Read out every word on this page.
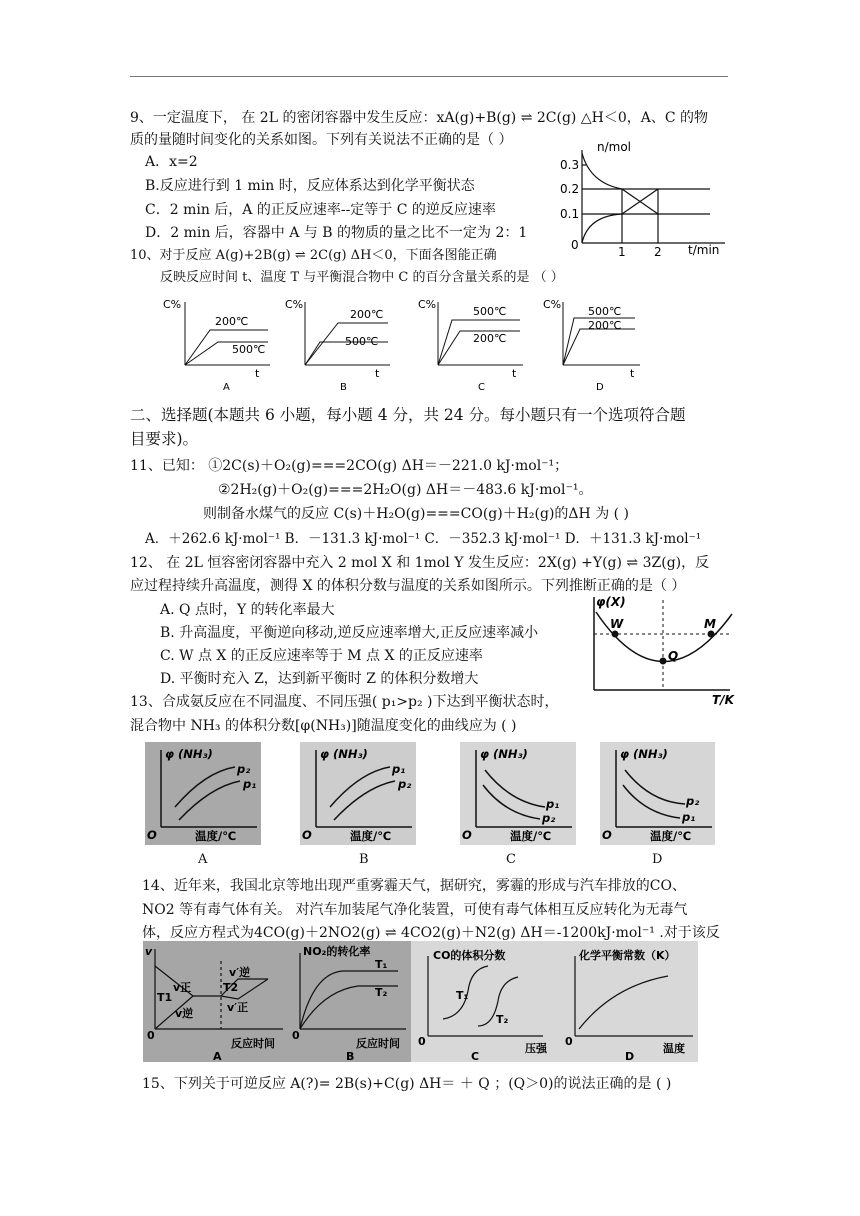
9、一定温度下， 在 2L 的密闭容器中发生反应：xA(g)+B(g) ⇌ 2C(g) △H＜0，A、C 的物
质的量随时间变化的关系如图。下列有关说法不正确的是（ ）
A．x=2
B.反应进行到 1 min 时，反应体系达到化学平衡状态
C．2 min 后，A 的正反应速率--定等于 C 的逆反应速率
D．2 min 后，容器中 A 与 B 的物质的量之比不一定为 2：1
n/mol
0.3
0.2
0.1
0	1 2 t/min
10、对于反应 A(g)+2B(g) ⇌ 2C(g) ΔH＜0，下面各图能正确
反映反应时间 t、温度 T 与平衡混合物中 C 的百分含量关系的是 （ ）
C%
200℃
500℃
t
A
C%
200℃
500℃
t
B
C%
500℃
200℃
t
C
C%
500℃
200℃
t
D
二、选择题(本题共 6 小题，每小题 4 分，共 24 分。每小题只有一个选项符合题
目要求)。
11、已知： ①2C(s)＋O₂(g)===2CO(g) ΔH＝－221.0 kJ·mol⁻¹；
②2H₂(g)＋O₂(g)===2H₂O(g) ΔH＝－483.6 kJ·mol⁻¹。
则制备水煤气的反应 C(s)＋H₂O(g)===CO(g)＋H₂(g)的ΔH 为 ( )
A．＋262.6 kJ·mol⁻¹ B．－131.3 kJ·mol⁻¹ C．－352.3 kJ·mol⁻¹ D．＋131.3 kJ·mol⁻¹
12、 在 2L 恒容密闭容器中充入 2 mol X 和 1mol Y 发生反应：2X(g) +Y(g) ⇌ 3Z(g)，反
应过程持续升高温度，测得 X 的体积分数与温度的关系如图所示。下列推断正确的是（ ）
A. Q 点时，Y 的转化率最大
B. 升高温度，平衡逆向移动,逆反应速率增大,正反应速率减小
C. W 点 X 的正反应速率等于 M 点 X 的正反应速率
D. 平衡时充入 Z，达到新平衡时 Z 的体积分数增大
φ(X)
W
Q
M
T/K
13、合成氨反应在不同温度、不同压强( p₁>p₂ )下达到平衡状态时，
混合物中 NH₃ 的体积分数[φ(NH₃)]随温度变化的曲线应为 ( )
φ (NH₃)
p₂
p₁
O	温度/℃
φ (NH₃)
p₁
p₂
O	温度/℃
φ (NH₃)
p₁
p₂
O	温度/℃
φ (NH₃)
p₂
p₁
O	温度/℃
A	B	C	D
14、近年来，我国北京等地出现严重雾霾天气，据研究，雾霾的形成与汽车排放的CO、
NO2 等有毒气体有关。 对汽车加装尾气净化装置，可使有毒气体相互反应转化为无毒气
体，反应方程式为4CO(g)＋2NO2(g) ⇌ 4CO2(g)＋N2(g) ΔH＝-1200kJ·mol⁻¹ .对于该反
v
v正
v逆
T1
T2
v′逆
v′正
0
反应时间
A
NO₂的转化率
T₁
T₂
0
反应时间
B
CO的体积分数
T₁
T₂
0
压强
C
化学平衡常数（K）
0
温度
D
15、下列关于可逆反应 A(?)= 2B(s)+C(g) ΔH＝ ＋ Q ；(Q＞0)的说法正确的是 ( )
